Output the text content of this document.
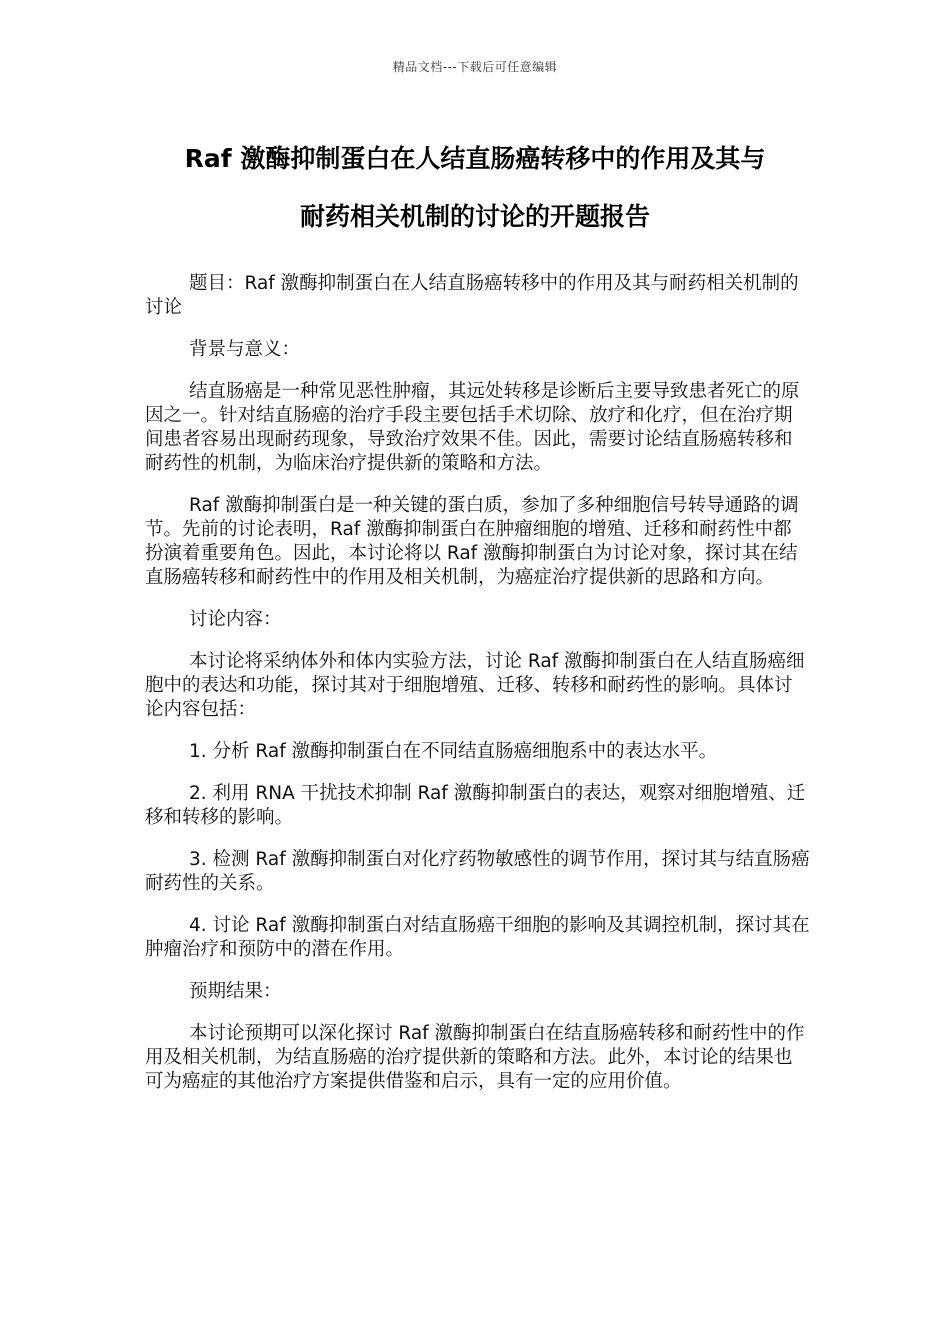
精品文档---下载后可任意编辑
Raf 激酶抑制蛋白在人结直肠癌转移中的作用及其与
耐药相关机制的讨论的开题报告

题目：Raf 激酶抑制蛋白在人结直肠癌转移中的作用及其与耐药相关机制的讨论

背景与意义：

结直肠癌是一种常见恶性肿瘤，其远处转移是诊断后主要导致患者死亡的原因之一。针对结直肠癌的治疗手段主要包括手术切除、放疗和化疗，但在治疗期间患者容易出现耐药现象，导致治疗效果不佳。因此，需要讨论结直肠癌转移和耐药性的机制，为临床治疗提供新的策略和方法。

Raf 激酶抑制蛋白是一种关键的蛋白质，参加了多种细胞信号转导通路的调节。先前的讨论表明，Raf 激酶抑制蛋白在肿瘤细胞的增殖、迁移和耐药性中都扮演着重要角色。因此，本讨论将以 Raf 激酶抑制蛋白为讨论对象，探讨其在结直肠癌转移和耐药性中的作用及相关机制，为癌症治疗提供新的思路和方向。

讨论内容：

本讨论将采纳体外和体内实验方法，讨论 Raf 激酶抑制蛋白在人结直肠癌细胞中的表达和功能，探讨其对于细胞增殖、迁移、转移和耐药性的影响。具体讨论内容包括：

1. 分析 Raf 激酶抑制蛋白在不同结直肠癌细胞系中的表达水平。

2. 利用 RNA 干扰技术抑制 Raf 激酶抑制蛋白的表达，观察对细胞增殖、迁移和转移的影响。

3. 检测 Raf 激酶抑制蛋白对化疗药物敏感性的调节作用，探讨其与结直肠癌耐药性的关系。

4. 讨论 Raf 激酶抑制蛋白对结直肠癌干细胞的影响及其调控机制，探讨其在肿瘤治疗和预防中的潜在作用。

预期结果：

本讨论预期可以深化探讨 Raf 激酶抑制蛋白在结直肠癌转移和耐药性中的作用及相关机制，为结直肠癌的治疗提供新的策略和方法。此外，本讨论的结果也可为癌症的其他治疗方案提供借鉴和启示，具有一定的应用价值。
